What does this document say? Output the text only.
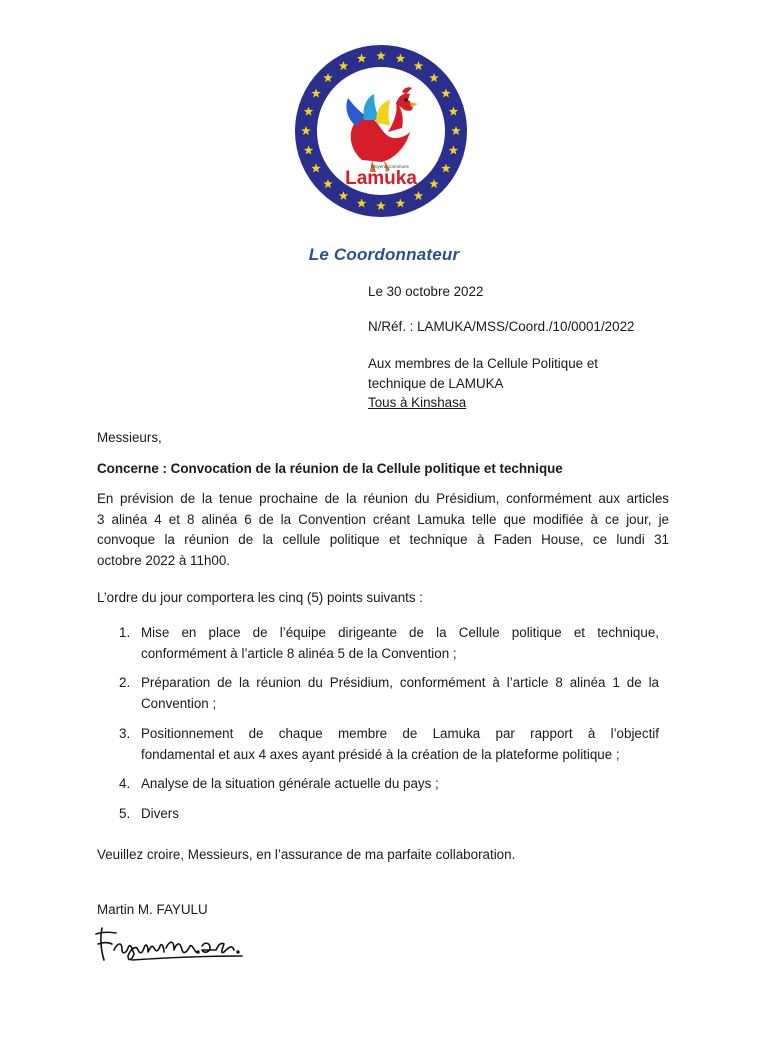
Lamuka
Moyens Communs
Le Coordonnateur
Le 30 octobre 2022
N/Réf. : LAMUKA/MSS/Coord./10/0001/2022
Aux membres de la Cellule Politique et
technique de LAMUKA
Tous à Kinshasa
Messieurs,
Concerne : Convocation de la réunion de la Cellule politique et technique
En prévision de la tenue prochaine de la réunion du Présidium, conformément aux articles
3 alinéa 4 et 8 alinéa 6 de la Convention créant Lamuka telle que modifiée à ce jour, je
convoque la réunion de la cellule politique et technique à Faden House, ce lundi 31
octobre 2022 à 11h00.
L’ordre du jour comportera les cinq (5) points suivants :
1. Mise en place de l’équipe dirigeante de la Cellule politique et technique,
conformément à l’article 8 alinéa 5 de la Convention ;
2. Préparation de la réunion du Présidium, conformément à l’article 8 alinéa 1 de la
Convention ;
3. Positionnement de chaque membre de Lamuka par rapport à l’objectif
fondamental et aux 4 axes ayant présidé à la création de la plateforme politique ;
4. Analyse de la situation générale actuelle du pays ;
5. Divers
Veuillez croire, Messieurs, en l’assurance de ma parfaite collaboration.
Martin M. FAYULU
